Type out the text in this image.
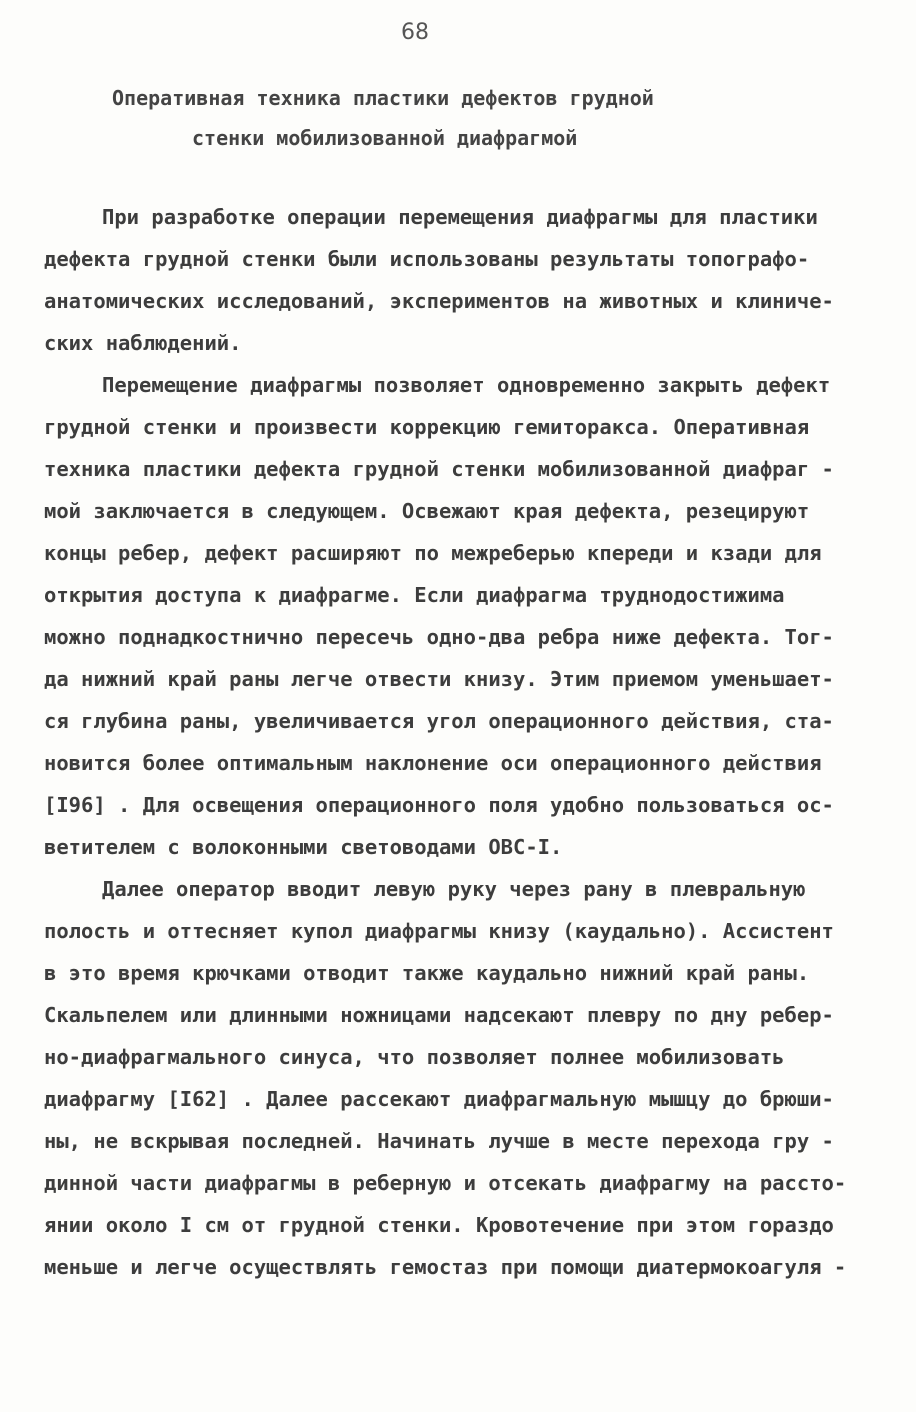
68

Оперативная техника пластики дефектов грудной
стенки мобилизованной диафрагмой
При разработке операции перемещения диафрагмы для пластики
дефекта грудной стенки были использованы результаты топографо-
анатомических исследований, экспериментов на животных и клиниче-
ских наблюдений.
Перемещение диафрагмы позволяет одновременно закрыть дефект
грудной стенки и произвести коррекцию гемиторакса. Оперативная
техника пластики дефекта грудной стенки мобилизованной диафраг -
мой заключается в следующем. Освежают края дефекта, резецируют
концы ребер, дефект расширяют по межреберью кпереди и кзади для
открытия доступа к диафрагме. Если диафрагма труднодостижима
можно поднадкостнично пересечь одно-два ребра ниже дефекта. Тог-
да нижний край раны легче отвести книзу. Этим приемом уменьшает-
ся глубина раны, увеличивается угол операционного действия, ста-
новится более оптимальным наклонение оси операционного действия
[I96] . Для освещения операционного поля удобно пользоваться ос-
ветителем с волоконными световодами ОВС-I.
Далее оператор вводит левую руку через рану в плевральную
полость и оттесняет купол диафрагмы книзу (каудально). Ассистент
в это время крючками отводит также каудально нижний край раны.
Скальпелем или длинными ножницами надсекают плевру по дну ребер-
но-диафрагмального синуса, что позволяет полнее мобилизовать
диафрагму [I62] . Далее рассекают диафрагмальную мышцу до брюши-
ны, не вскрывая последней. Начинать лучше в месте перехода гру -
динной части диафрагмы в реберную и отсекать диафрагму на рассто-
янии около I см от грудной стенки. Кровотечение при этом гораздо
меньше и легче осуществлять гемостаз при помощи диатермокоагуля -
